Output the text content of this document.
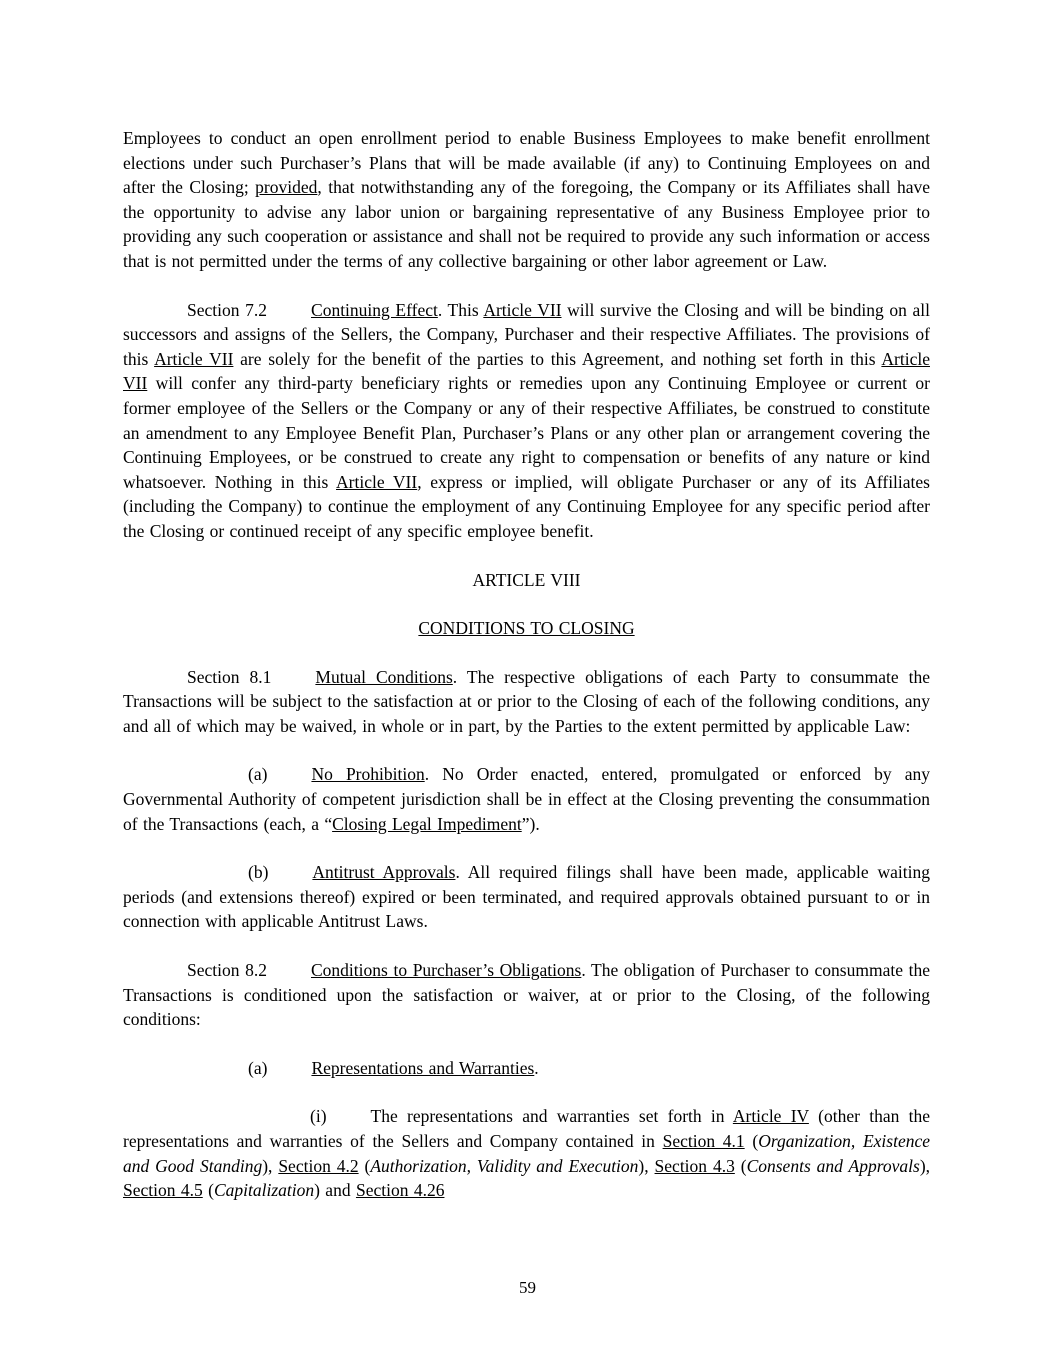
Employees to conduct an open enrollment period to enable Business Employees to make benefit enrollment elections under such Purchaser’s Plans that will be made available (if any) to Continuing Employees on and after the Closing; provided, that notwithstanding any of the foregoing, the Company or its Affiliates shall have the opportunity to advise any labor union or bargaining representative of any Business Employee prior to providing any such cooperation or assistance and shall not be required to provide any such information or access that is not permitted under the terms of any collective bargaining or other labor agreement or Law.

Section 7.2	Continuing Effect. This Article VII will survive the Closing and will be binding on all successors and assigns of the Sellers, the Company, Purchaser and their respective Affiliates. The provisions of this Article VII are solely for the benefit of the parties to this Agreement, and nothing set forth in this Article VII will confer any third-party beneficiary rights or remedies upon any Continuing Employee or current or former employee of the Sellers or the Company or any of their respective Affiliates, be construed to constitute an amendment to any Employee Benefit Plan, Purchaser’s Plans or any other plan or arrangement covering the Continuing Employees, or be construed to create any right to compensation or benefits of any nature or kind whatsoever. Nothing in this Article VII, express or implied, will obligate Purchaser or any of its Affiliates (including the Company) to continue the employment of any Continuing Employee for any specific period after the Closing or continued receipt of any specific employee benefit.

ARTICLE VIII

CONDITIONS TO CLOSING

Section 8.1	Mutual Conditions. The respective obligations of each Party to consummate the Transactions will be subject to the satisfaction at or prior to the Closing of each of the following conditions, any and all of which may be waived, in whole or in part, by the Parties to the extent permitted by applicable Law:

(a)	No Prohibition. No Order enacted, entered, promulgated or enforced by any Governmental Authority of competent jurisdiction shall be in effect at the Closing preventing the consummation of the Transactions (each, a “Closing Legal Impediment”).

(b)	Antitrust Approvals. All required filings shall have been made, applicable waiting periods (and extensions thereof) expired or been terminated, and required approvals obtained pursuant to or in connection with applicable Antitrust Laws.

Section 8.2	Conditions to Purchaser’s Obligations. The obligation of Purchaser to consummate the Transactions is conditioned upon the satisfaction or waiver, at or prior to the Closing, of the following conditions:

(a)	Representations and Warranties.

(i)	The representations and warranties set forth in Article IV (other than the representations and warranties of the Sellers and Company contained in Section 4.1 (Organization, Existence and Good Standing), Section 4.2 (Authorization, Validity and Execution), Section 4.3 (Consents and Approvals), Section 4.5 (Capitalization) and Section 4.26

59
